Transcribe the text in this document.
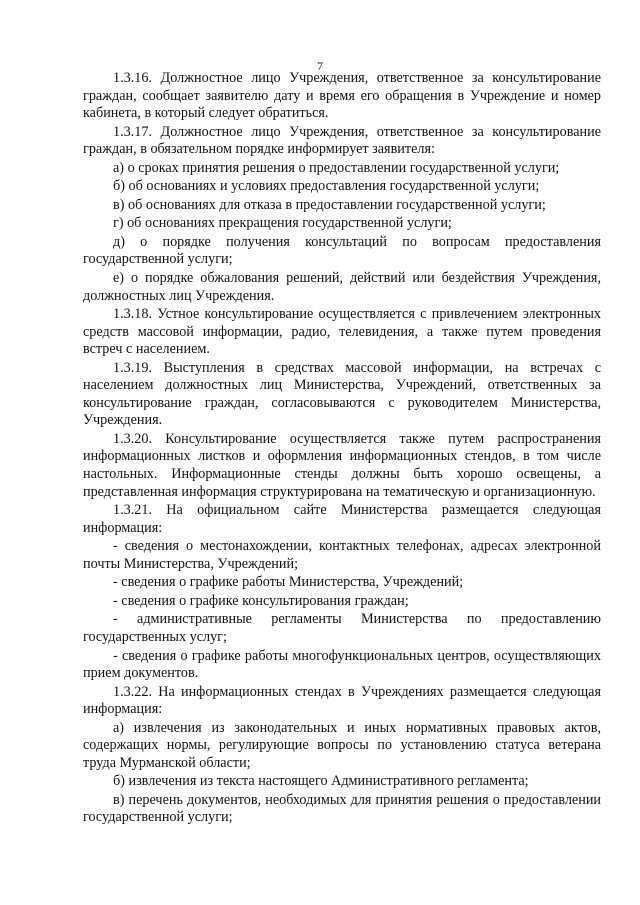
7

1.3.16. Должностное лицо Учреждения, ответственное за консультирование граждан, сообщает заявителю дату и время его обращения в Учреждение и номер кабинета, в который следует обратиться.

1.3.17. Должностное лицо Учреждения, ответственное за консультирование граждан, в обязательном порядке информирует заявителя:

а) о сроках принятия решения о предоставлении государственной услуги;

б) об основаниях и условиях предоставления государственной услуги;

в) об основаниях для отказа в предоставлении государственной услуги;

г) об основаниях прекращения государственной услуги;

д) о порядке получения консультаций по вопросам предоставления государственной услуги;

е) о порядке обжалования решений, действий или бездействия Учреждения, должностных лиц Учреждения.

1.3.18. Устное консультирование осуществляется с привлечением электронных средств массовой информации, радио, телевидения, а также путем проведения встреч с населением.

1.3.19. Выступления в средствах массовой информации, на встречах с населением должностных лиц Министерства, Учреждений, ответственных за консультирование граждан, согласовываются с руководителем Министерства, Учреждения.

1.3.20. Консультирование осуществляется также путем распространения информационных листков и оформления информационных стендов, в том числе настольных. Информационные стенды должны быть хорошо освещены, а представленная информация структурирована на тематическую и организационную.

1.3.21. На официальном сайте Министерства размещается следующая информация:

- сведения о местонахождении, контактных телефонах, адресах электронной почты Министерства, Учреждений;

- сведения о графике работы Министерства, Учреждений;

- сведения о графике консультирования граждан;

- административные регламенты Министерства по предоставлению государственных услуг;

- сведения о графике работы многофункциональных центров, осуществляющих прием документов.

1.3.22. На информационных стендах в Учреждениях размещается следующая информация:

а) извлечения из законодательных и иных нормативных правовых актов, содержащих нормы, регулирующие вопросы по установлению статуса ветерана труда Мурманской области;

б) извлечения из текста настоящего Административного регламента;

в) перечень документов, необходимых для принятия решения о предоставлении государственной услуги;
